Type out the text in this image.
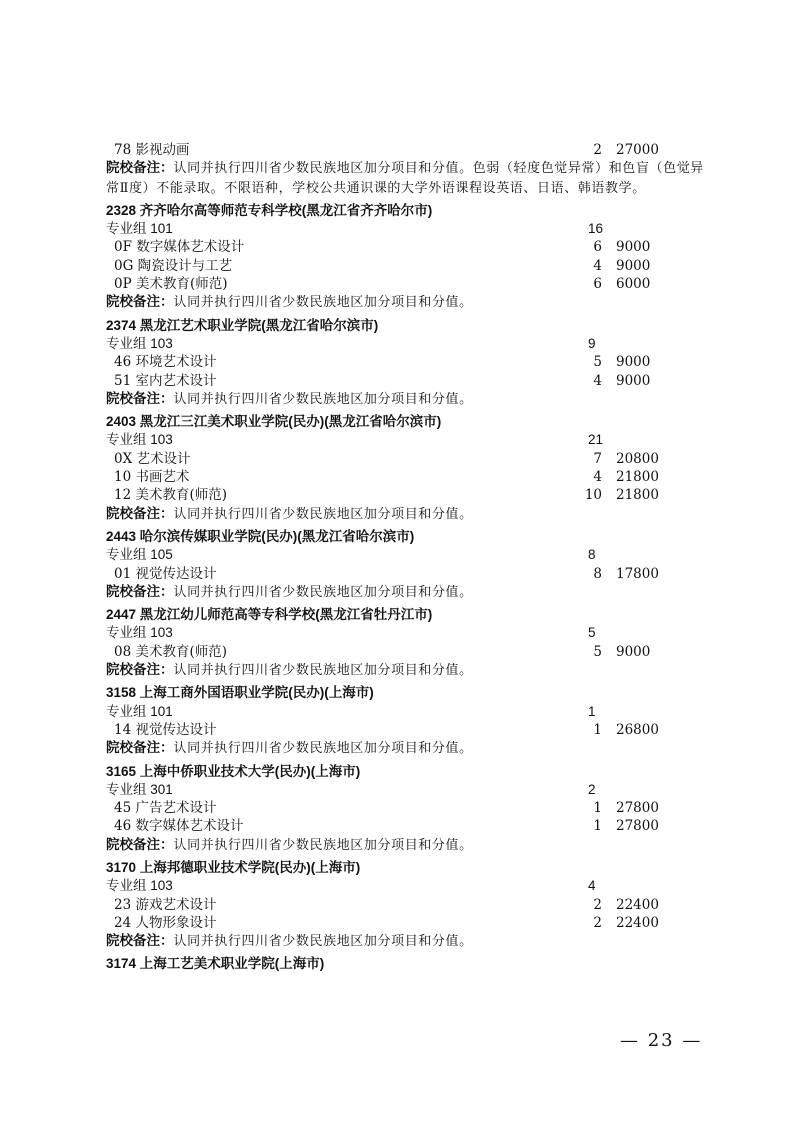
78 影视动画	2 27000
院校备注：认同并执行四川省少数民族地区加分项目和分值。色弱（轻度色觉异常）和色盲（色觉异常Ⅱ度）不能录取。不限语种，学校公共通识课的大学外语课程设英语、日语、韩语教学。
2328 齐齐哈尔高等师范专科学校(黑龙江省齐齐哈尔市)
专业组 101	16
0F 数字媒体艺术设计	6 9000
0G 陶瓷设计与工艺	4 9000
0P 美术教育(师范)	6 6000
院校备注：认同并执行四川省少数民族地区加分项目和分值。
2374 黑龙江艺术职业学院(黑龙江省哈尔滨市)
专业组 103	9
46 环境艺术设计	5 9000
51 室内艺术设计	4 9000
院校备注：认同并执行四川省少数民族地区加分项目和分值。
2403 黑龙江三江美术职业学院(民办)(黑龙江省哈尔滨市)
专业组 103	21
0X 艺术设计	7 20800
10 书画艺术	4 21800
12 美术教育(师范)	10 21800
院校备注：认同并执行四川省少数民族地区加分项目和分值。
2443 哈尔滨传媒职业学院(民办)(黑龙江省哈尔滨市)
专业组 105	8
01 视觉传达设计	8 17800
院校备注：认同并执行四川省少数民族地区加分项目和分值。
2447 黑龙江幼儿师范高等专科学校(黑龙江省牡丹江市)
专业组 103	5
08 美术教育(师范)	5 9000
院校备注：认同并执行四川省少数民族地区加分项目和分值。
3158 上海工商外国语职业学院(民办)(上海市)
专业组 101	1
14 视觉传达设计	1 26800
院校备注：认同并执行四川省少数民族地区加分项目和分值。
3165 上海中侨职业技术大学(民办)(上海市)
专业组 301	2
45 广告艺术设计	1 27800
46 数字媒体艺术设计	1 27800
院校备注：认同并执行四川省少数民族地区加分项目和分值。
3170 上海邦德职业技术学院(民办)(上海市)
专业组 103	4
23 游戏艺术设计	2 22400
24 人物形象设计	2 22400
院校备注：认同并执行四川省少数民族地区加分项目和分值。
3174 上海工艺美术职业学院(上海市)
— 23 —
